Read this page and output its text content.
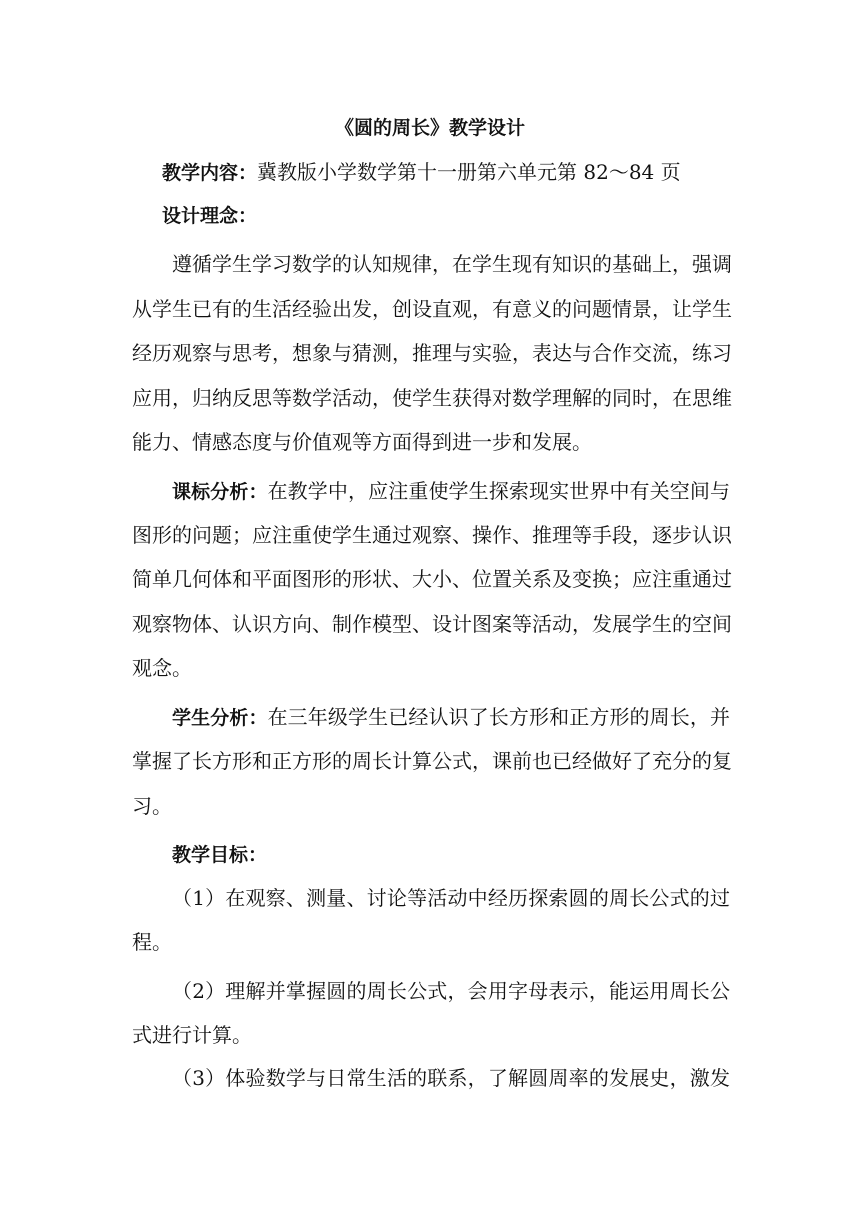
《圆的周长》教学设计

教学内容：冀教版小学数学第十一册第六单元第 82～84 页

设计理念：

遵循学生学习数学的认知规律，在学生现有知识的基础上，强调

从学生已有的生活经验出发，创设直观，有意义的问题情景，让学生

经历观察与思考，想象与猜测，推理与实验，表达与合作交流，练习

应用，归纳反思等数学活动，使学生获得对数学理解的同时，在思维

能力、情感态度与价值观等方面得到进一步和发展。

课标分析：在教学中，应注重使学生探索现实世界中有关空间与

图形的问题；应注重使学生通过观察、操作、推理等手段，逐步认识

简单几何体和平面图形的形状、大小、位置关系及变换；应注重通过

观察物体、认识方向、制作模型、设计图案等活动，发展学生的空间

观念。

学生分析：在三年级学生已经认识了长方形和正方形的周长，并

掌握了长方形和正方形的周长计算公式，课前也已经做好了充分的复

习。

教学目标：

（1）在观察、测量、讨论等活动中经历探索圆的周长公式的过

程。

（2）理解并掌握圆的周长公式，会用字母表示，能运用周长公

式进行计算。

（3）体验数学与日常生活的联系，了解圆周率的发展史，激发
